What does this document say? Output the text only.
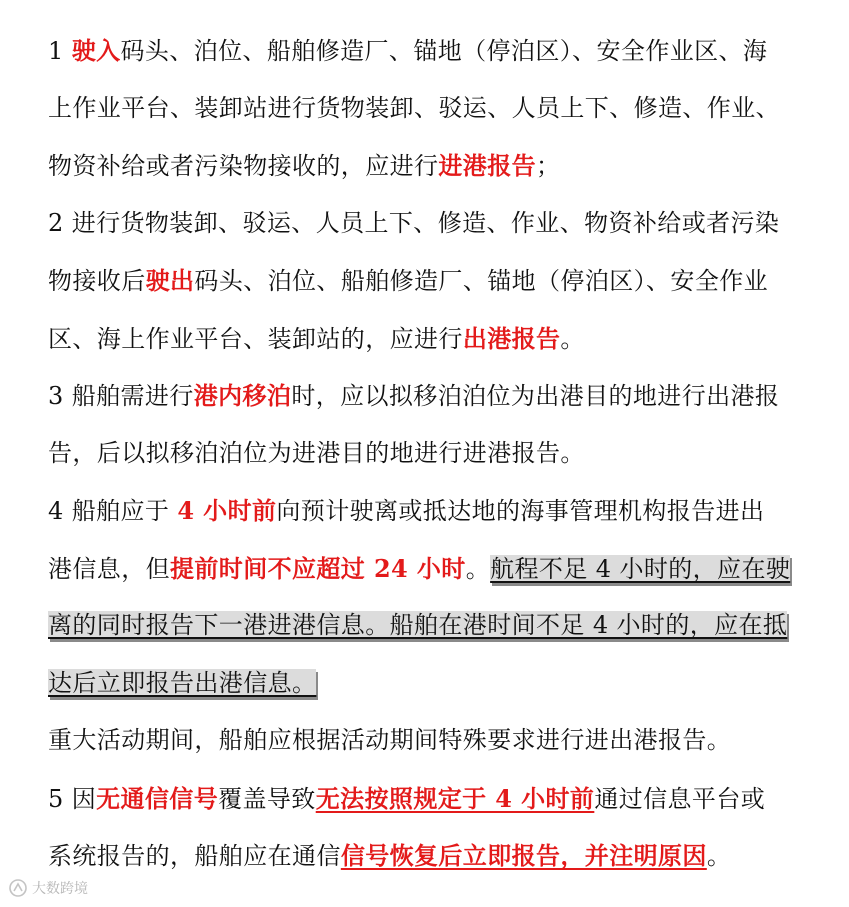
1 驶入码头、泊位、船舶修造厂、锚地（停泊区）、安全作业区、海
上作业平台、装卸站进行货物装卸、驳运、人员上下、修造、作业、
物资补给或者污染物接收的，应进行进港报告；
2 进行货物装卸、驳运、人员上下、修造、作业、物资补给或者污染
物接收后驶出码头、泊位、船舶修造厂、锚地（停泊区）、安全作业
区、海上作业平台、装卸站的，应进行出港报告。
3 船舶需进行港内移泊时，应以拟移泊泊位为出港目的地进行出港报
告，后以拟移泊泊位为进港目的地进行进港报告。
4 船舶应于 4 小时前向预计驶离或抵达地的海事管理机构报告进出
港信息，但提前时间不应超过 24 小时。航程不足 4 小时的，应在驶
离的同时报告下一港进港信息。船舶在港时间不足 4 小时的，应在抵
达后立即报告出港信息。
重大活动期间，船舶应根据活动期间特殊要求进行进出港报告。
5 因无通信信号覆盖导致无法按照规定于 4 小时前通过信息平台或
系统报告的，船舶应在通信信号恢复后立即报告，并注明原因。
大数跨境
